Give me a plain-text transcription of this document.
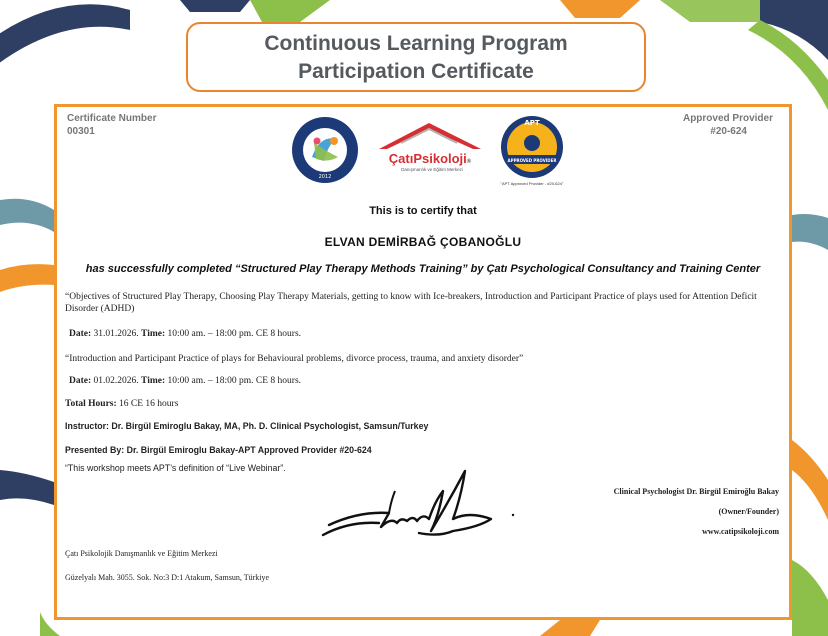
Continuous Learning Program
Participation Certificate
Certificate Number
00301
Approved Provider
#20-624
2012
ÇatıPsikoloji®
Danışmanlık ve Eğitim Merkezi
APT
APPROVED PROVIDER
"APT Approved Provider - #20-624"
This is to certify that
ELVAN DEMİRBAĞ ÇOBANOĞLU
has successfully completed “Structured Play Therapy Methods Training” by Çatı Psychological Consultancy and Training Center
“Objectives of Structured Play Therapy, Choosing Play Therapy Materials, getting to know with Ice-breakers, Introduction and Participant Practice of plays used for Attention Deficit Disorder (ADHD)
Date: 31.01.2026. Time: 10:00 am. – 18:00 pm. CE 8 hours.
“Introduction and Participant Practice of plays for Behavioural problems, divorce process, trauma, and anxiety disorder”
Date: 01.02.2026. Time: 10:00 am. – 18:00 pm. CE 8 hours.
Total Hours: 16 CE 16 hours
Instructor: Dr. Birgül Emiroglu Bakay, MA, Ph. D. Clinical Psychologist, Samsun/Turkey
Presented By: Dr. Birgül Emiroglu Bakay-APT Approved Provider #20-624
“This workshop meets APT’s definition of “Live Webinar”.
Clinical Psychologist Dr. Birgül Emiroğlu Bakay
(Owner/Founder)
www.catipsikoloji.com
Çatı Psikolojik Danışmanlık ve Eğitim Merkezi
Güzelyalı Mah. 3055. Sok. No:3 D:1 Atakum, Samsun, Türkiye
